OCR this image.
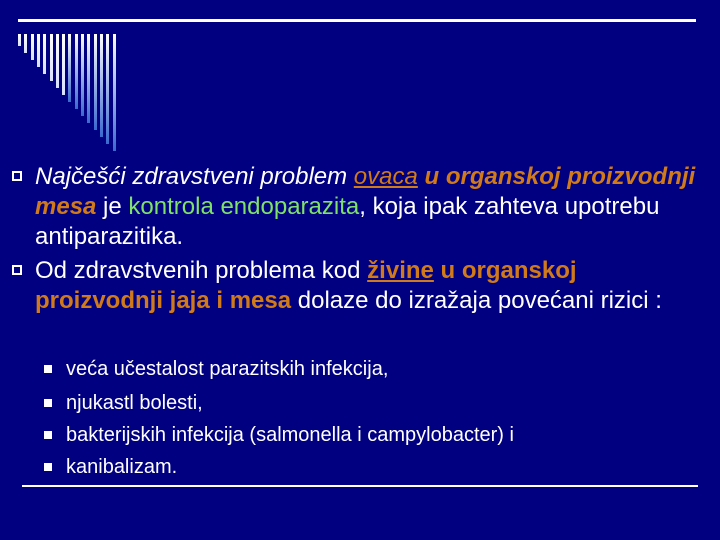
Najčešći zdravstveni problem ovaca u organskoj proizvodnji mesa je kontrola endoparazita, koja ipak zahteva upotrebu antiparazitika.
Od zdravstvenih problema kod živine u organskoj proizvodnji jaja i mesa dolaze do izražaja povećani rizici :
veća učestalost parazitskih infekcija,
njukastl bolesti,
bakterijskih infekcija (salmonella i campylobacter) i
kanibalizam.
